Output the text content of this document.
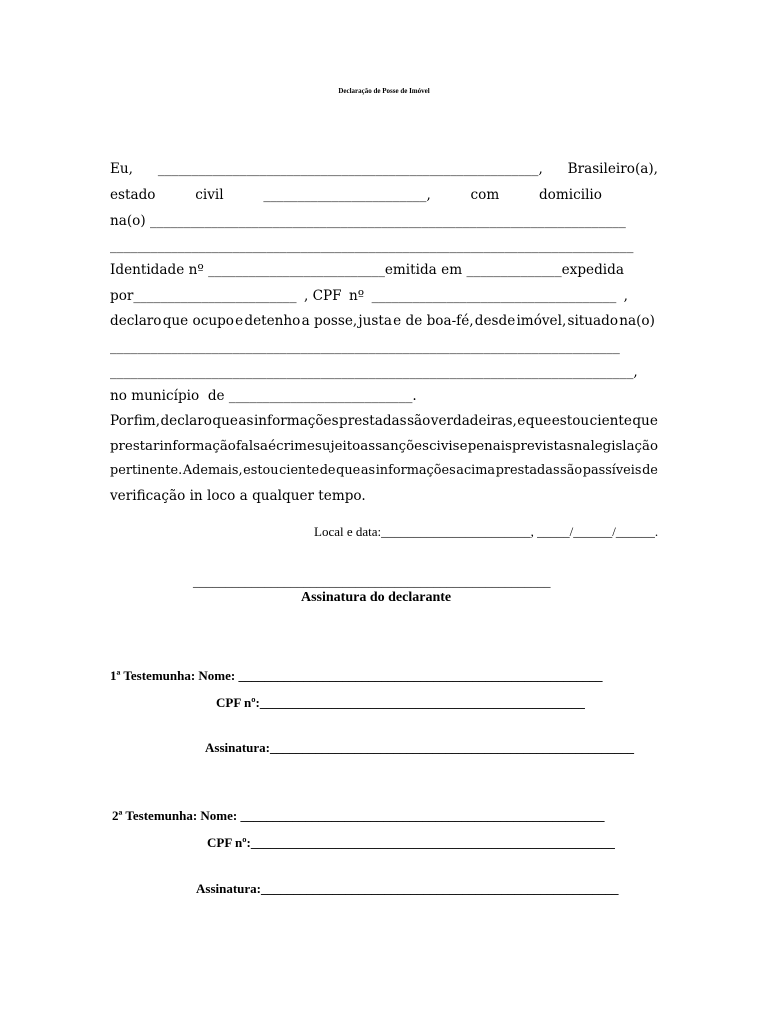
Declaração de Posse de Imóvel
Eu, ________________________________________________________, Brasileiro(a),
estado	civil	________________________,	com	domicilio
na(o) ______________________________________________________________________
_____________________________________________________________________________
Identidade nº __________________________emitida em ______________expedida
por________________________ , CPF nº ____________________________________ ,
declaro que ocupo e detenho a posse, justa e de boa-fé, desde imóvel, situado na(o)
___________________________________________________________________________
_____________________________________________________________________________,
no município  de ___________________________.
Por fim, declaro que as informações prestadas são verdadeiras, e que estou ciente que
prestar informação falsa é crime sujeito as sanções civis e penais previstas na legislação
pertinente. Ademais, estou ciente de que as informações acima prestadas são passíveis de
verificação in loco a qualquer tempo.
Local e data:_______________________, _____/______/______.
_______________________________________________________
Assinatura do declarante
1ª Testemunha: Nome: ________________________________________________________
CPF nº:__________________________________________________
Assinatura:________________________________________________________
2ª Testemunha: Nome: ________________________________________________________
CPF nº:________________________________________________________
Assinatura:_______________________________________________________
